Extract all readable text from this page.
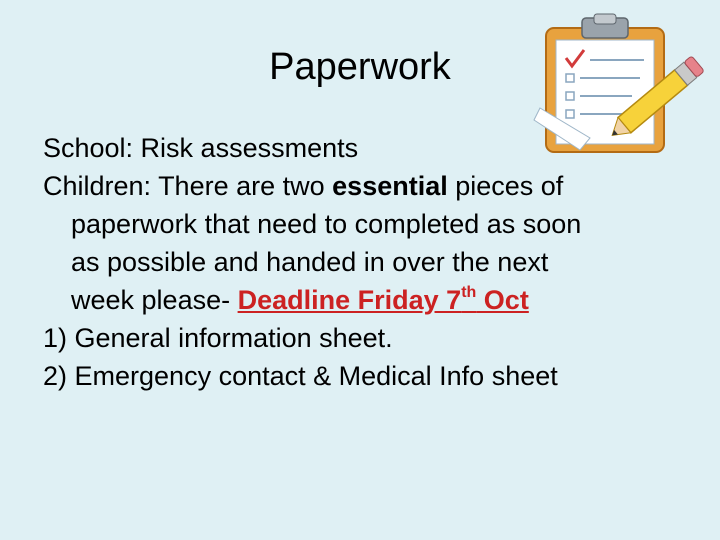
Paperwork
School: Risk assessments
Children: There are two essential pieces of
paperwork that need to completed as soon
as possible and handed in over the next
week please- Deadline Friday 7th Oct
1) General information sheet.
2) Emergency contact & Medical Info sheet
